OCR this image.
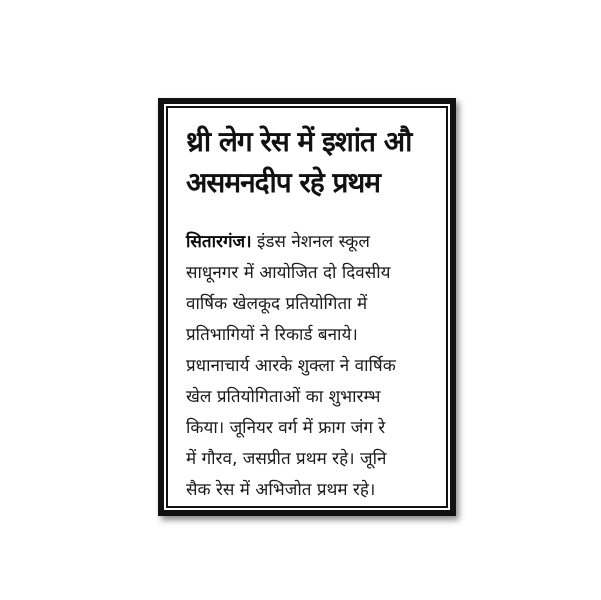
थ्री लेग रेस में इशांत औ
असमनदीप रहे प्रथम
सितारगंज। इंडस नेशनल स्कूल
साधूनगर में आयोजित दो दिवसीय
वार्षिक खेलकूद प्रतियोगिता में
प्रतिभागियों ने रिकार्ड बनाये।
प्रधानाचार्य आरके शुक्ला ने वार्षिक
खेल प्रतियोगिताओं का शुभारम्भ
किया। जूनियर वर्ग में फ्राग जंग रे
में गौरव, जसप्रीत प्रथम रहे। जूनि
सैक रेस में अभिजोत प्रथम रहे।
